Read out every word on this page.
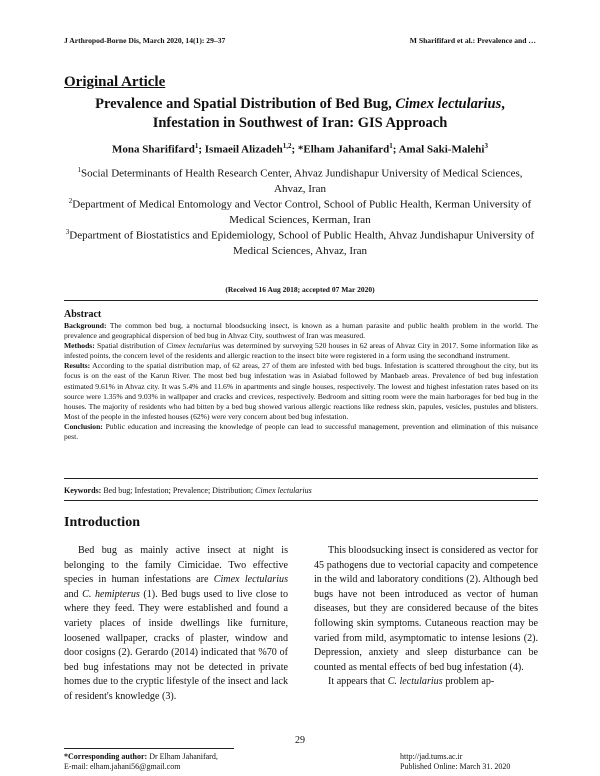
J Arthropod-Borne Dis, March 2020, 14(1): 29–37	M Sharififard et al.: Prevalence and …
Original Article
Prevalence and Spatial Distribution of Bed Bug, Cimex lectularius, Infestation in Southwest of Iran: GIS Approach
Mona Sharififard$^1$; Ismaeil Alizadeh$^{1,2}$; *Elham Jahanifard$^1$; Amal Saki-Malehi$^3$
$^1$Social Determinants of Health Research Center, Ahvaz Jundishapur University of Medical Sciences, Ahvaz, Iran
$^2$Department of Medical Entomology and Vector Control, School of Public Health, Kerman University of Medical Sciences, Kerman, Iran
$^3$Department of Biostatistics and Epidemiology, School of Public Health, Ahvaz Jundishapur University of Medical Sciences, Ahvaz, Iran
(Received 16 Aug 2018; accepted 07 Mar 2020)
Abstract

Background: The common bed bug, a nocturnal bloodsucking insect, is known as a human parasite and public health problem in the world. The prevalence and geographical dispersion of bed bug in Ahvaz City, southwest of Iran was measured.

Methods: Spatial distribution of Cimex lectularius was determined by surveying 520 houses in 62 areas of Ahvaz City in 2017. Some information like as infested points, the concern level of the residents and allergic reaction to the insect bite were registered in a form using the secondhand instrument.

Results: According to the spatial distribution map, of 62 areas, 27 of them are infested with bed bugs. Infestation is scattered throughout the city, but its focus is on the east of the Karun River. The most bed bug infestation was in Asiabad followed by Manbaeb areas. Prevalence of bed bug infestation estimated 9.61% in Ahvaz city. It was 5.4% and 11.6% in apartments and single houses, respectively. The lowest and highest infestation rates based on its source were 1.35% and 9.03% in wallpaper and cracks and crevices, respectively. Bedroom and sitting room were the main harborages for bed bug in the houses. The majority of residents who had bitten by a bed bug showed various allergic reactions like redness skin, papules, vesicles, pustules and blisters. Most of the people in the infested houses (62%) were very concern about bed bug infestation.

Conclusion: Public education and increasing the knowledge of people can lead to successful management, prevention and elimination of this nuisance pest.

Keywords: Bed bug; Infestation; Prevalence; Distribution; Cimex lectularius
Introduction

Bed bug as mainly active insect at night is belonging to the family Cimicidae. Two effective species in human infestations are Cimex lectularius and C. hemipterus (1). Bed bugs used to live close to where they feed. They were established and found a variety places of inside dwellings like furniture, loosened wallpaper, cracks of plaster, window and door cosigns (2). Gerardo (2014) indicated that %70 of bed bug infestations may not be detected in private homes due to the cryptic lifestyle of the insect and lack of resident's knowledge (3).

This bloodsucking insect is considered as vector for 45 pathogens due to vectorial capacity and competence in the wild and laboratory conditions (2). Although bed bugs have not been introduced as vector of human diseases, but they are considered because of the bites following skin symptoms. Cutaneous reaction may be varied from mild, asymptomatic to intense lesions (2). Depression, anxiety and sleep disturbance can be counted as mental effects of bed bug infestation (4).

It appears that C. lectularius problem ap-

29
*Corresponding author: Dr Elham Jahanifard,
E-mail: elham.jahani56@gmail.com
http://jad.tums.ac.ir
Published Online: March 31. 2020
